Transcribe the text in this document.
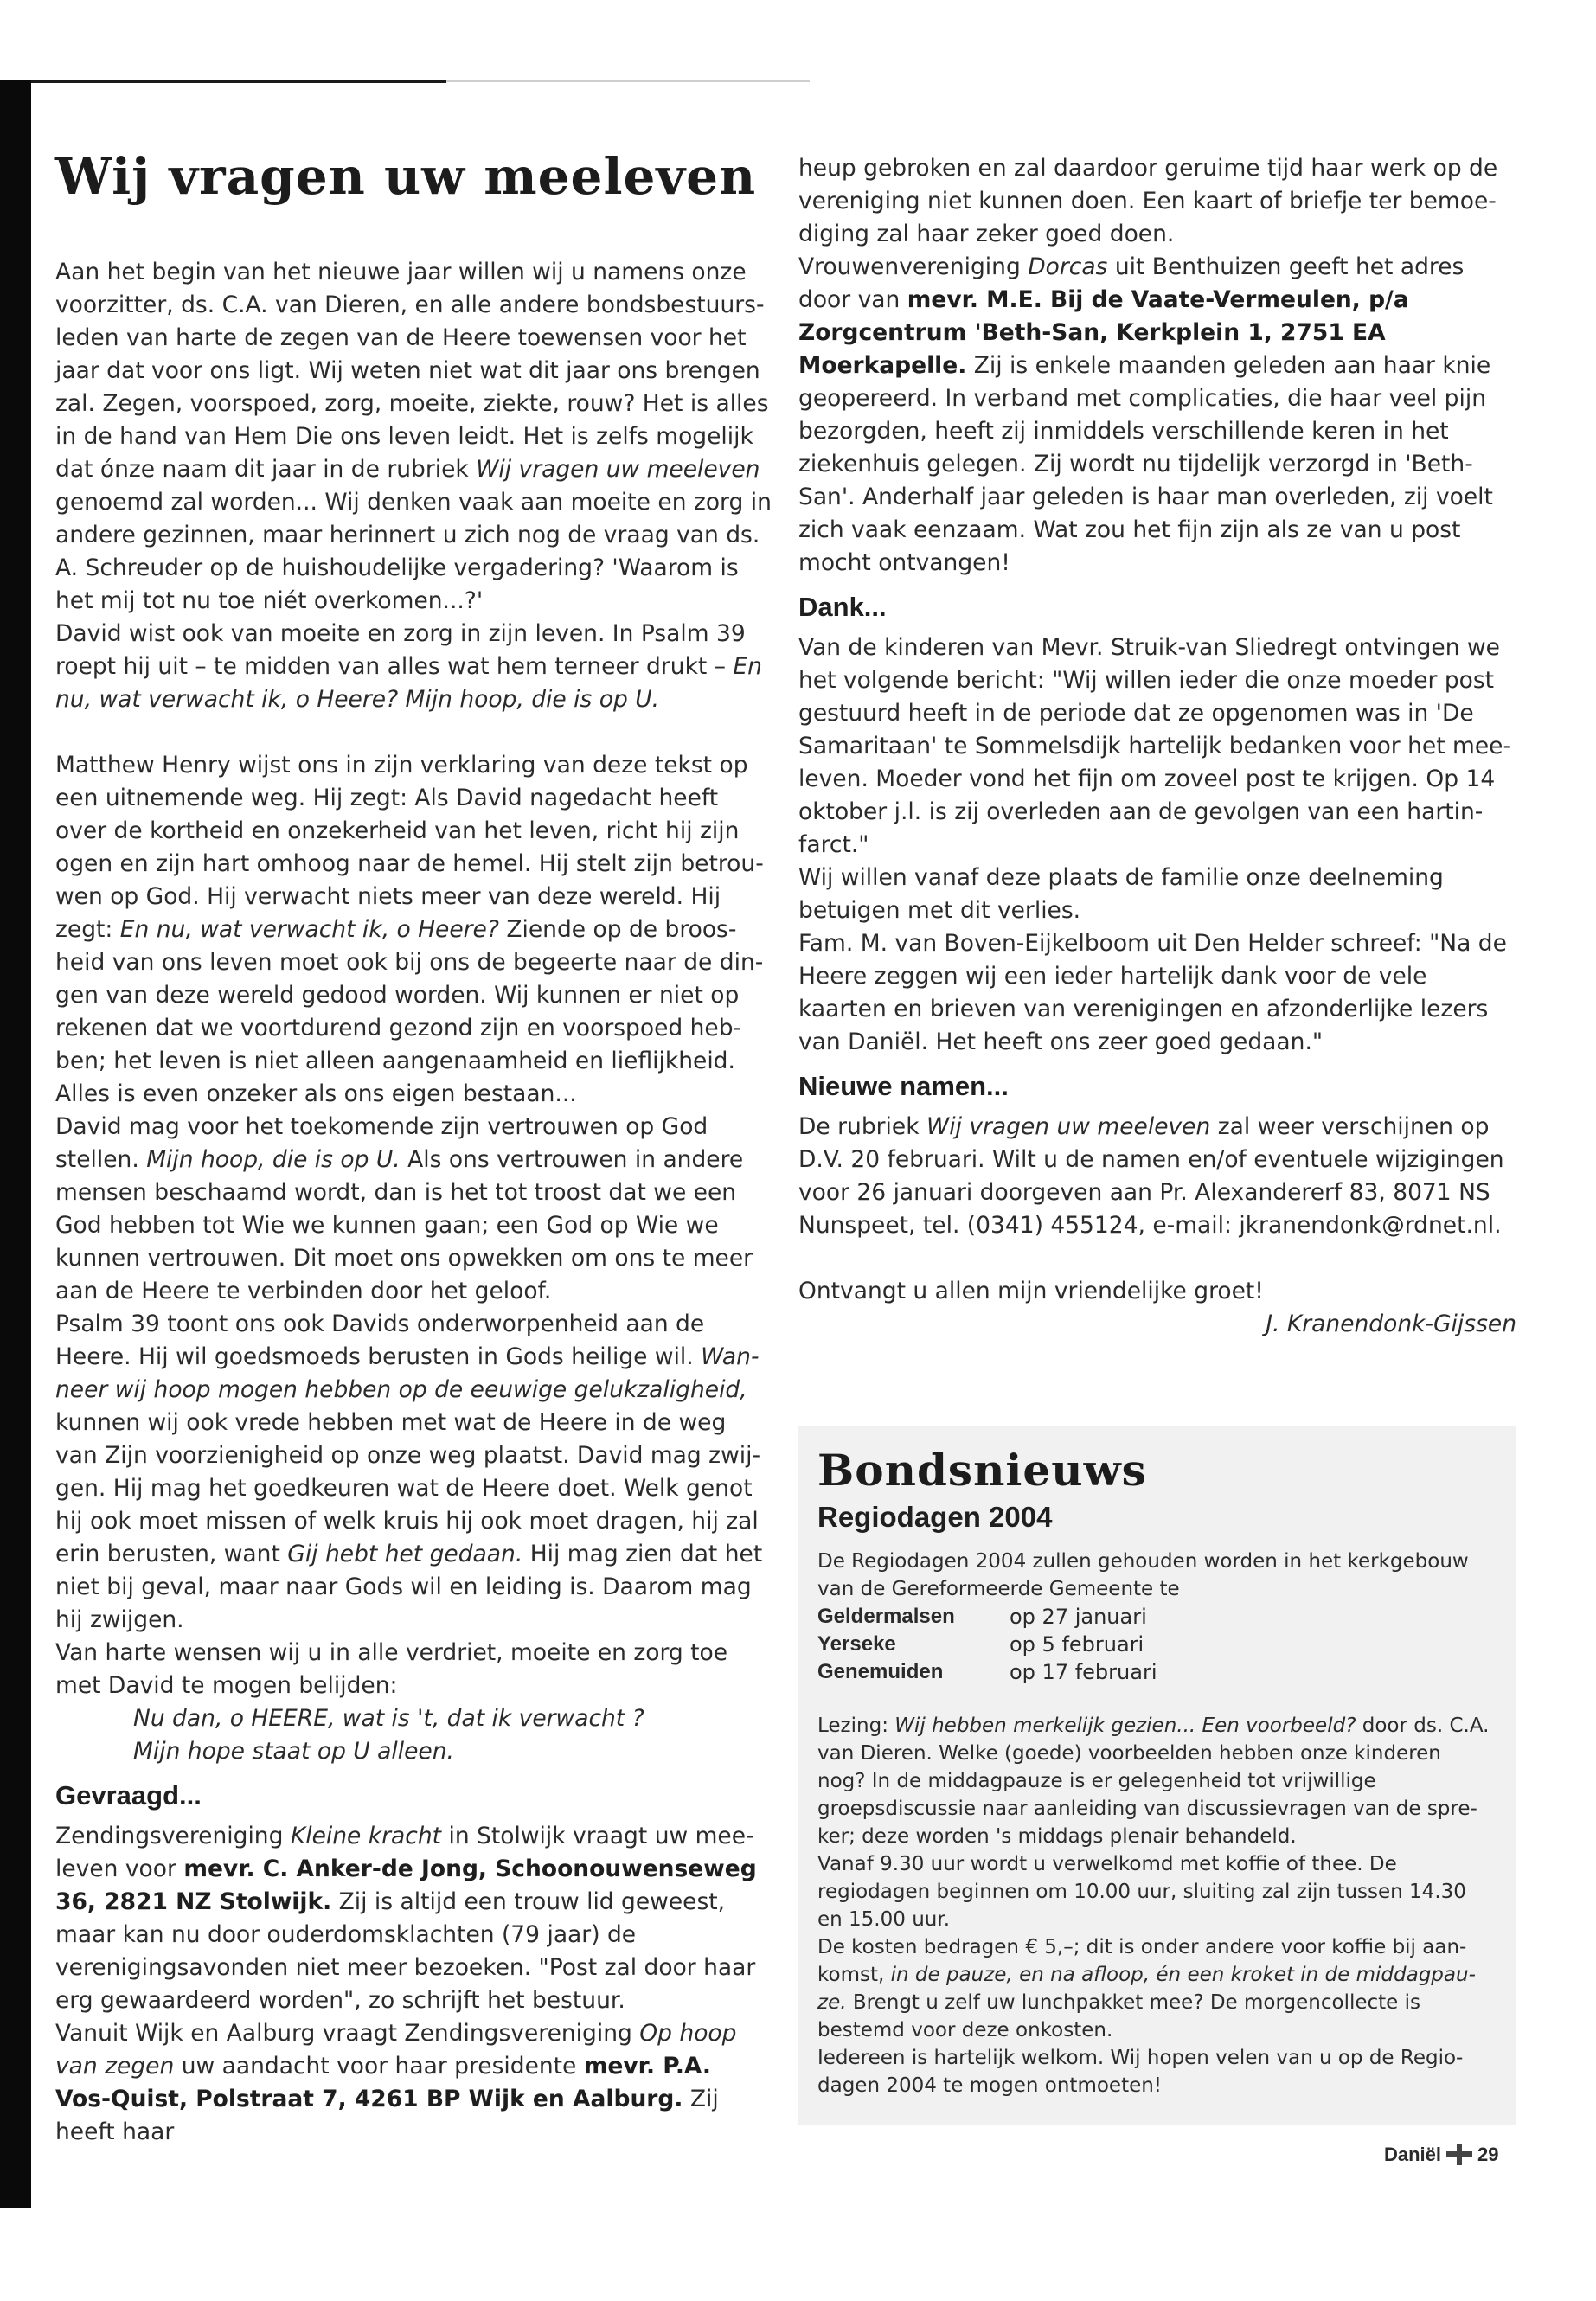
Wij vragen uw meeleven

Aan het begin van het nieuwe jaar willen wij u namens onze voorzitter, ds. C.A. van Dieren, en alle andere bondsbestuursleden van harte de zegen van de Heere toewensen voor het jaar dat voor ons ligt. Wij weten niet wat dit jaar ons brengen zal. Zegen, voorspoed, zorg, moeite, ziekte, rouw? Het is alles in de hand van Hem Die ons leven leidt. Het is zelfs mogelijk dat ónze naam dit jaar in de rubriek Wij vragen uw meeleven genoemd zal worden... Wij denken vaak aan moeite en zorg in andere gezinnen, maar herinnert u zich nog de vraag van ds. A. Schreuder op de huishoudelijke vergadering? 'Waarom is het mij tot nu toe niét overkomen...?'

David wist ook van moeite en zorg in zijn leven. In Psalm 39 roept hij uit – te midden van alles wat hem terneer drukt – En nu, wat verwacht ik, o Heere? Mijn hoop, die is op U.

Matthew Henry wijst ons in zijn verklaring van deze tekst op een uitnemende weg. Hij zegt: Als David nagedacht heeft over de kortheid en onzekerheid van het leven, richt hij zijn ogen en zijn hart omhoog naar de hemel. Hij stelt zijn betrouwen op God. Hij verwacht niets meer van deze wereld. Hij zegt: En nu, wat verwacht ik, o Heere? Ziende op de broosheid van ons leven moet ook bij ons de begeerte naar de dingen van deze wereld gedood worden. Wij kunnen er niet op rekenen dat we voortdurend gezond zijn en voorspoed hebben; het leven is niet alleen aangenaamheid en lieflijkheid. Alles is even onzeker als ons eigen bestaan...

David mag voor het toekomende zijn vertrouwen op God stellen. Mijn hoop, die is op U. Als ons vertrouwen in andere mensen beschaamd wordt, dan is het tot troost dat we een God hebben tot Wie we kunnen gaan; een God op Wie we kunnen vertrouwen. Dit moet ons opwekken om ons te meer aan de Heere te verbinden door het geloof.

Psalm 39 toont ons ook Davids onderworpenheid aan de Heere. Hij wil goedsmoeds berusten in Gods heilige wil. Wanneer wij hoop mogen hebben op de eeuwige gelukzaligheid, kunnen wij ook vrede hebben met wat de Heere in de weg van Zijn voorzienigheid op onze weg plaatst. David mag zwijgen. Hij mag het goedkeuren wat de Heere doet. Welk genot hij ook moet missen of welk kruis hij ook moet dragen, hij zal erin berusten, want Gij hebt het gedaan. Hij mag zien dat het niet bij geval, maar naar Gods wil en leiding is. Daarom mag hij zwijgen.

Van harte wensen wij u in alle verdriet, moeite en zorg toe met David te mogen belijden:

Nu dan, o HEERE, wat is 't, dat ik verwacht ?

Mijn hope staat op U alleen.

Gevraagd...

Zendingsvereniging Kleine kracht in Stolwijk vraagt uw meeleven voor mevr. C. Anker-de Jong, Schoonouwenseweg 36, 2821 NZ Stolwijk. Zij is altijd een trouw lid geweest, maar kan nu door ouderdomsklachten (79 jaar) de verenigingsavonden niet meer bezoeken. "Post zal door haar erg gewaardeerd worden", zo schrijft het bestuur.

Vanuit Wijk en Aalburg vraagt Zendingsvereniging Op hoop van zegen uw aandacht voor haar presidente mevr. P.A. Vos-Quist, Polstraat 7, 4261 BP Wijk en Aalburg. Zij heeft haar

heup gebroken en zal daardoor geruime tijd haar werk op de vereniging niet kunnen doen. Een kaart of briefje ter bemoediging zal haar zeker goed doen.

Vrouwenvereniging Dorcas uit Benthuizen geeft het adres door van mevr. M.E. Bij de Vaate-Vermeulen, p/a Zorgcentrum 'Beth-San, Kerkplein 1, 2751 EA Moerkapelle. Zij is enkele maanden geleden aan haar knie geopereerd. In verband met complicaties, die haar veel pijn bezorgden, heeft zij inmiddels verschillende keren in het ziekenhuis gelegen. Zij wordt nu tijdelijk verzorgd in 'Beth-San'. Anderhalf jaar geleden is haar man overleden, zij voelt zich vaak eenzaam. Wat zou het fijn zijn als ze van u post mocht ontvangen!

Dank...

Van de kinderen van Mevr. Struik-van Sliedregt ontvingen we het volgende bericht: "Wij willen ieder die onze moeder post gestuurd heeft in de periode dat ze opgenomen was in 'De Samaritaan' te Sommelsdijk hartelijk bedanken voor het meeleven. Moeder vond het fijn om zoveel post te krijgen. Op 14 oktober j.l. is zij overleden aan de gevolgen van een hartinfarct."

Wij willen vanaf deze plaats de familie onze deelneming betuigen met dit verlies.

Fam. M. van Boven-Eijkelboom uit Den Helder schreef: "Na de Heere zeggen wij een ieder hartelijk dank voor de vele kaarten en brieven van verenigingen en afzonderlijke lezers van Daniël. Het heeft ons zeer goed gedaan."

Nieuwe namen...

De rubriek Wij vragen uw meeleven zal weer verschijnen op D.V. 20 februari. Wilt u de namen en/of eventuele wijzigingen voor 26 januari doorgeven aan Pr. Alexandererf 83, 8071 NS Nunspeet, tel. (0341) 455124, e-mail: jkranendonk@rdnet.nl.

Ontvangt u allen mijn vriendelijke groet!

J. Kranendonk-Gijssen

Bondsnieuws
Regiodagen 2004

De Regiodagen 2004 zullen gehouden worden in het kerkgebouw van de Gereformeerde Gemeente te

Geldermalsen	op 27 januari
Yerseke	op 5 februari
Genemuiden	op 17 februari

Lezing: Wij hebben merkelijk gezien... Een voorbeeld? door ds. C.A. van Dieren. Welke (goede) voorbeelden hebben onze kinderen nog? In de middagpauze is er gelegenheid tot vrijwillige groepsdiscussie naar aanleiding van discussievragen van de spreker; deze worden 's middags plenair behandeld.

Vanaf 9.30 uur wordt u verwelkomd met koffie of thee. De regiodagen beginnen om 10.00 uur, sluiting zal zijn tussen 14.30 en 15.00 uur.

De kosten bedragen € 5,–; dit is onder andere voor koffie bij aankomst, in de pauze, en na afloop, én een kroket in de middagpauze. Brengt u zelf uw lunchpakket mee? De morgencollecte is bestemd voor deze onkosten.

Iedereen is hartelijk welkom. Wij hopen velen van u op de Regiodagen 2004 te mogen ontmoeten!

Daniël 29
